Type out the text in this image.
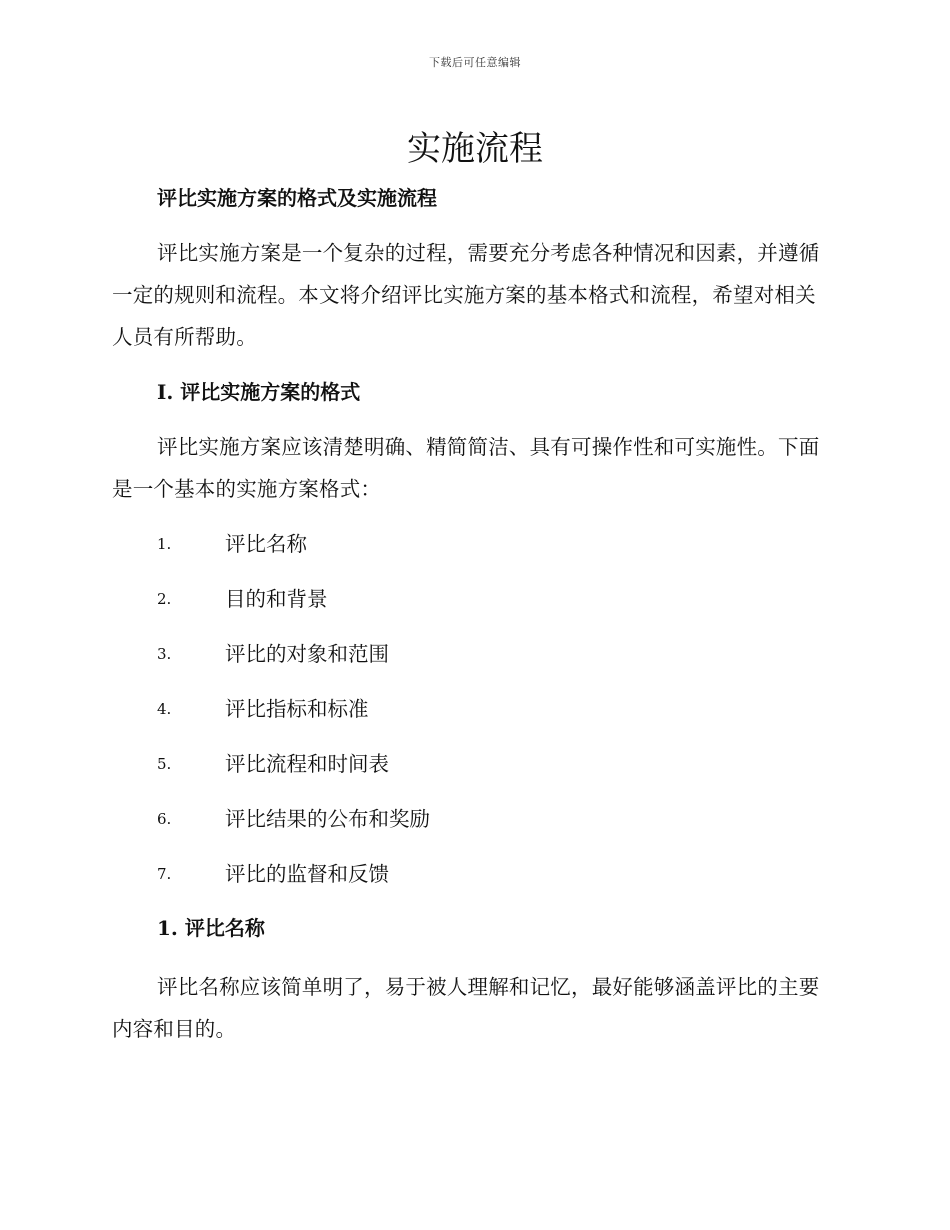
下载后可任意编辑
实施流程
评比实施方案的格式及实施流程

评比实施方案是一个复杂的过程，需要充分考虑各种情况和因素，并遵循一定的规则和流程。本文将介绍评比实施方案的基本格式和流程，希望对相关人员有所帮助。

I. 评比实施方案的格式

评比实施方案应该清楚明确、精简简洁、具有可操作性和可实施性。下面是一个基本的实施方案格式：

1.	评比名称
2.	目的和背景
3.	评比的对象和范围
4.	评比指标和标准
5.	评比流程和时间表
6.	评比结果的公布和奖励
7.	评比的监督和反馈
1. 评比名称

评比名称应该简单明了，易于被人理解和记忆，最好能够涵盖评比的主要内容和目的。
